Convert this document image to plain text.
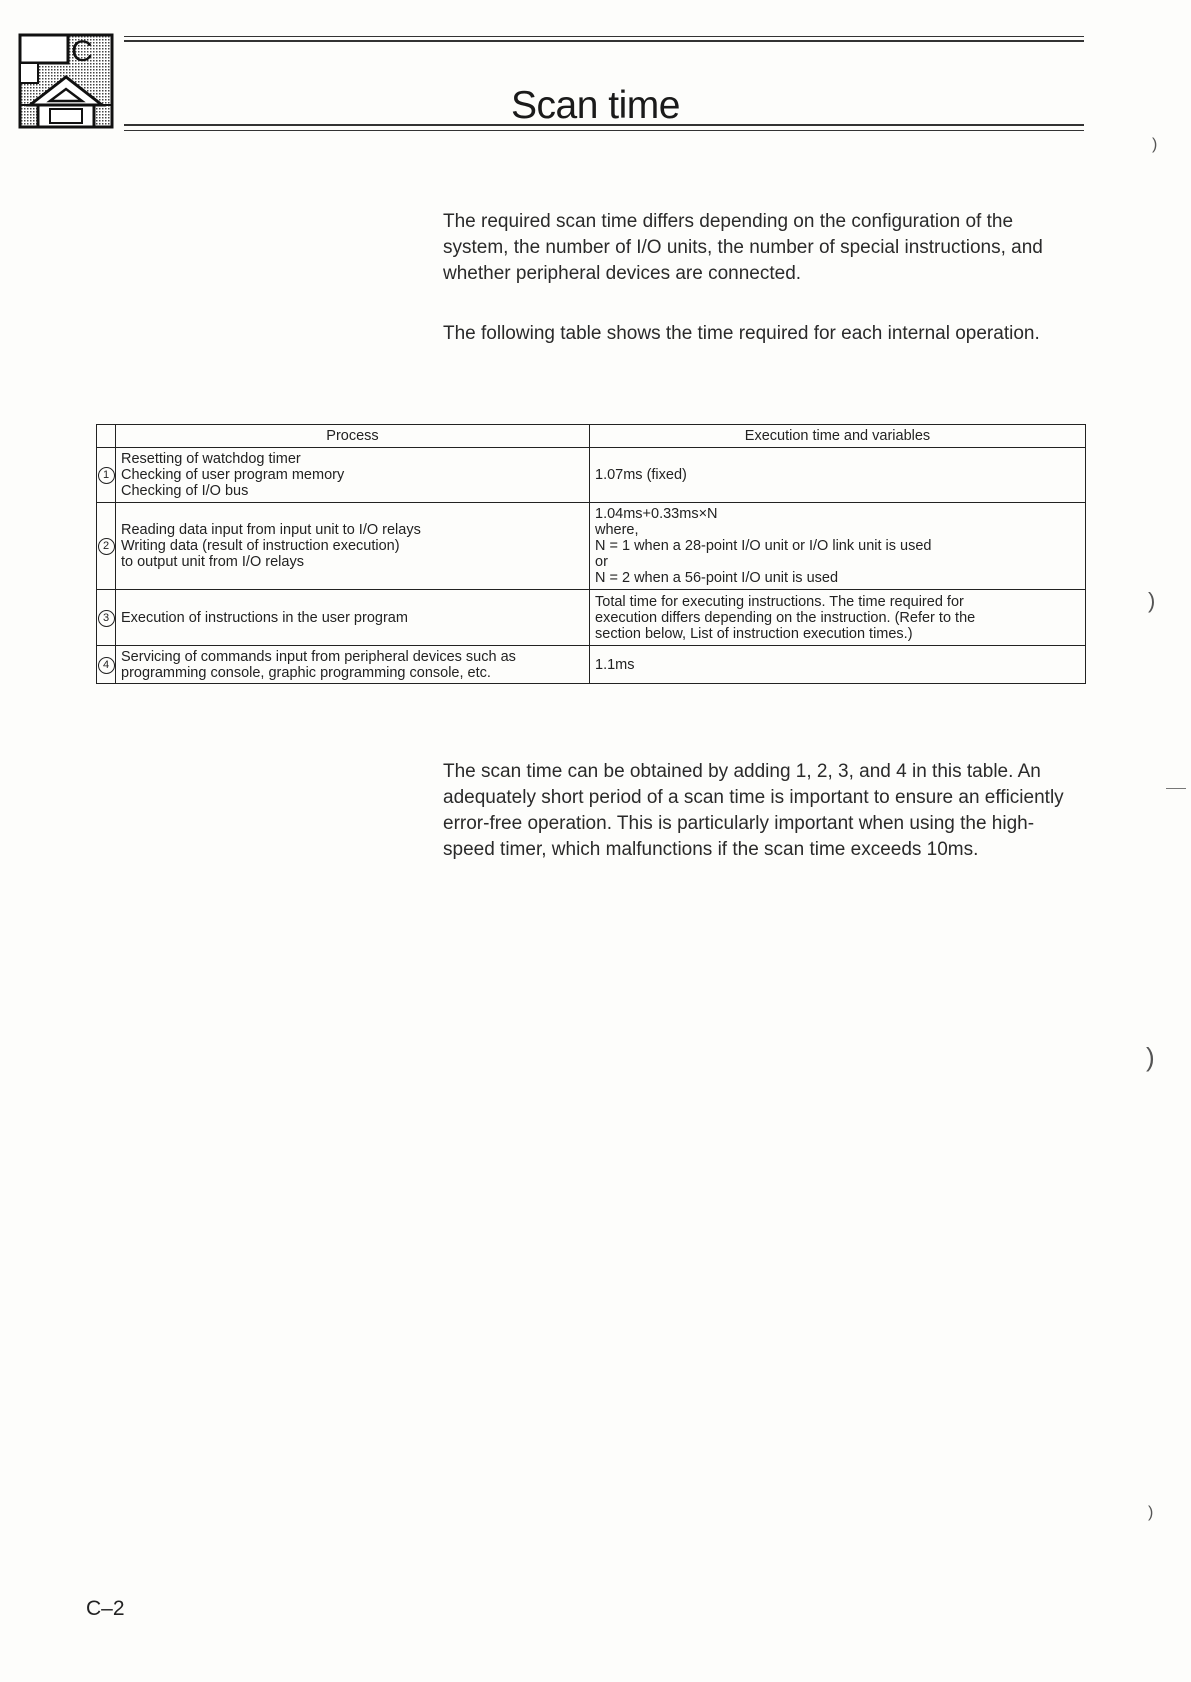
C
Scan time

The required scan time differs depending on the configuration of the system, the number of I/O units, the number of special instructions, and whether peripheral devices are connected.

The following table shows the time required for each internal operation.

	Process	Execution time and variables
1	Resetting of watchdog timer
Checking of user program memory
Checking of I/O bus	1.07ms (fixed)

2	Reading data input from input unit to I/O relays
Writing data (result of instruction execution)
to output unit from I/O relays	1.04ms+0.33ms×N
where,
N = 1 when a 28-point I/O unit or I/O link unit is used
or
N = 2 when a 56-point I/O unit is used

3	Execution of instructions in the user program	Total time for executing instructions. The time required for
execution differs depending on the instruction. (Refer to the
section below, List of instruction execution times.)

4	Servicing of commands input from peripheral devices such as
programming console, graphic programming console, etc.	1.1ms

The scan time can be obtained by adding 1, 2, 3, and 4 in this table. An adequately short period of a scan time is important to ensure an efficiently error-free operation. This is particularly important when using the high-speed timer, which malfunctions if the scan time exceeds 10ms.

C–2
)
)
)
)
